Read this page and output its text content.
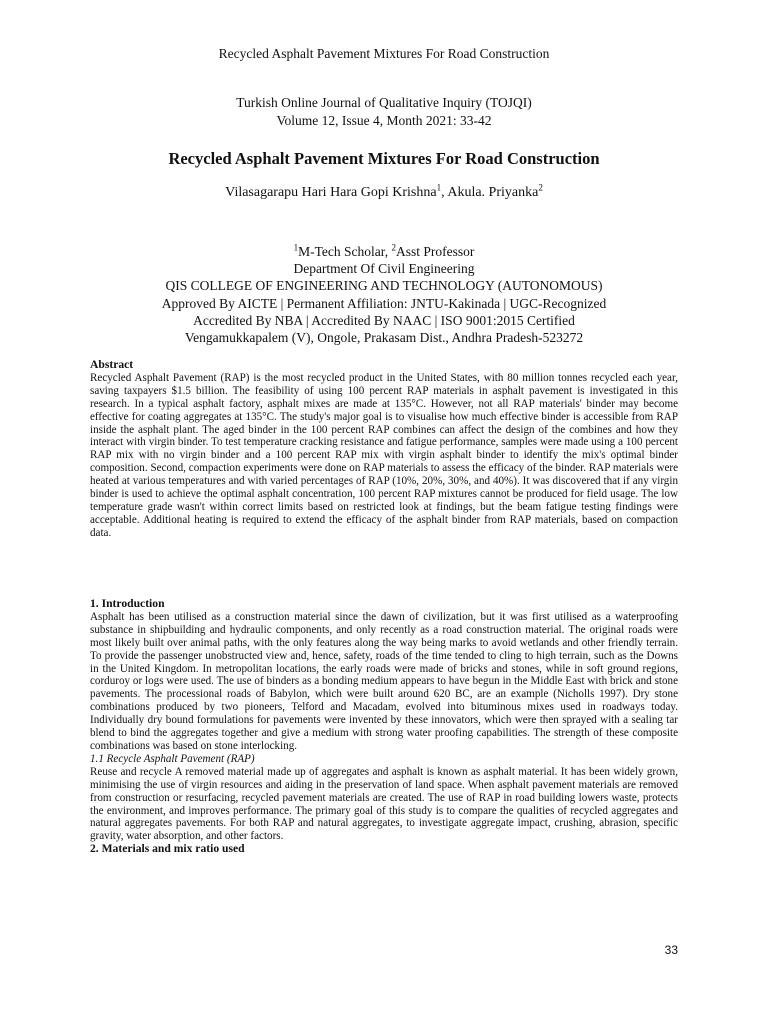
Recycled Asphalt Pavement Mixtures For Road Construction
Turkish Online Journal of Qualitative Inquiry (TOJQI)
Volume 12, Issue 4, Month 2021: 33-42
Recycled Asphalt Pavement Mixtures For Road Construction
Vilasagarapu Hari Hara Gopi Krishna$^1$, Akula. Priyanka$^2$
$^1$M-Tech Scholar, $^2$Asst Professor
Department Of Civil Engineering
QIS COLLEGE OF ENGINEERING AND TECHNOLOGY (AUTONOMOUS)
Approved By AICTE | Permanent Affiliation: JNTU-Kakinada | UGC-Recognized
Accredited By NBA | Accredited By NAAC | ISO 9001:2015 Certified
Vengamukkapalem (V), Ongole, Prakasam Dist., Andhra Pradesh-523272
Abstract
Recycled Asphalt Pavement (RAP) is the most recycled product in the United States, with 80 million tonnes recycled each year, saving taxpayers $1.5 billion. The feasibility of using 100 percent RAP materials in asphalt pavement is investigated in this research. In a typical asphalt factory, asphalt mixes are made at 135°C. However, not all RAP materials' binder may become effective for coating aggregates at 135°C. The study's major goal is to visualise how much effective binder is accessible from RAP inside the asphalt plant. The aged binder in the 100 percent RAP combines can affect the design of the combines and how they interact with virgin binder. To test temperature cracking resistance and fatigue performance, samples were made using a 100 percent RAP mix with no virgin binder and a 100 percent RAP mix with virgin asphalt binder to identify the mix's optimal binder composition. Second, compaction experiments were done on RAP materials to assess the efficacy of the binder. RAP materials were heated at various temperatures and with varied percentages of RAP (10%, 20%, 30%, and 40%). It was discovered that if any virgin binder is used to achieve the optimal asphalt concentration, 100 percent RAP mixtures cannot be produced for field usage. The low temperature grade wasn't within correct limits based on restricted look at findings, but the beam fatigue testing findings were acceptable. Additional heating is required to extend the efficacy of the asphalt binder from RAP materials, based on compaction data.
1. Introduction
Asphalt has been utilised as a construction material since the dawn of civilization, but it was first utilised as a waterproofing substance in shipbuilding and hydraulic components, and only recently as a road construction material. The original roads were most likely built over animal paths, with the only features along the way being marks to avoid wetlands and other friendly terrain. To provide the passenger unobstructed view and, hence, safety, roads of the time tended to cling to high terrain, such as the Downs in the United Kingdom. In metropolitan locations, the early roads were made of bricks and stones, while in soft ground regions, corduroy or logs were used. The use of binders as a bonding medium appears to have begun in the Middle East with brick and stone pavements. The processional roads of Babylon, which were built around 620 BC, are an example (Nicholls 1997). Dry stone combinations produced by two pioneers, Telford and Macadam, evolved into bituminous mixes used in roadways today. Individually dry bound formulations for pavements were invented by these innovators, which were then sprayed with a sealing tar blend to bind the aggregates together and give a medium with strong water proofing capabilities. The strength of these composite combinations was based on stone interlocking.
1.1 Recycle Asphalt Pavement (RAP)
Reuse and recycle A removed material made up of aggregates and asphalt is known as asphalt material. It has been widely grown, minimising the use of virgin resources and aiding in the preservation of land space. When asphalt pavement materials are removed from construction or resurfacing, recycled pavement materials are created. The use of RAP in road building lowers waste, protects the environment, and improves performance. The primary goal of this study is to compare the qualities of recycled aggregates and natural aggregates pavements. For both RAP and natural aggregates, to investigate aggregate impact, crushing, abrasion, specific gravity, water absorption, and other factors.
2. Materials and mix ratio used
33
